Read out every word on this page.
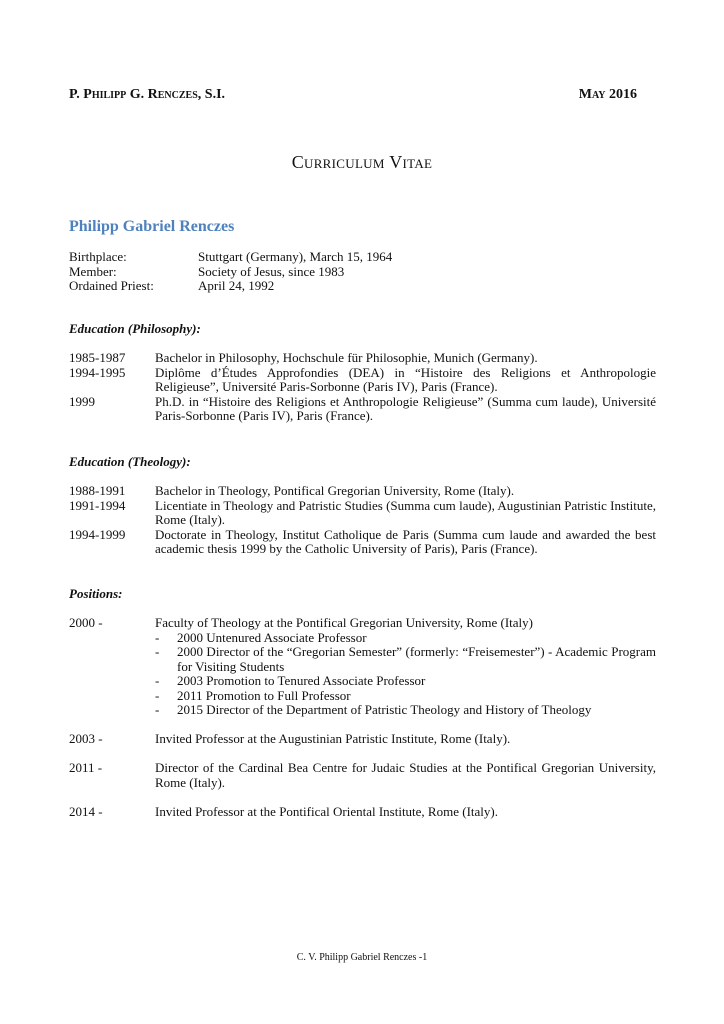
P. Philipp G. Renczes, S.I.	May 2016
Curriculum Vitae
Philipp Gabriel Renczes
Birthplace:	Stuttgart (Germany), March 15, 1964
Member:	Society of Jesus, since 1983
Ordained Priest:	April 24, 1992
Education (Philosophy):
1985-1987	Bachelor in Philosophy, Hochschule für Philosophie, Munich (Germany).
1994-1995	Diplôme d’Études Approfondies (DEA) in “Histoire des Religions et Anthropologie Religieuse”, Université Paris-Sorbonne (Paris IV), Paris (France).
1999	Ph.D. in “Histoire des Religions et Anthropologie Religieuse” (Summa cum laude), Université Paris-Sorbonne (Paris IV), Paris (France).
Education (Theology):
1988-1991	Bachelor in Theology, Pontifical Gregorian University, Rome (Italy).
1991-1994	Licentiate in Theology and Patristic Studies (Summa cum laude), Augustinian Patristic Institute, Rome (Italy).
1994-1999	Doctorate in Theology, Institut Catholique de Paris (Summa cum laude and awarded the best academic thesis 1999 by the Catholic University of Paris), Paris (France).
Positions:
2000 -	Faculty of Theology at the Pontifical Gregorian University, Rome (Italy)
-	2000 Untenured Associate Professor
-	2000 Director of the “Gregorian Semester” (formerly: “Freisemester”) - Academic Program for Visiting Students
-	2003 Promotion to Tenured Associate Professor
-	2011 Promotion to Full Professor
-	2015 Director of the Department of Patristic Theology and History of Theology
2003 -	Invited Professor at the Augustinian Patristic Institute, Rome (Italy).
2011 -	Director of the Cardinal Bea Centre for Judaic Studies at the Pontifical Gregorian University, Rome (Italy).
2014 -	Invited Professor at the Pontifical Oriental Institute, Rome (Italy).
C. V. Philipp Gabriel Renczes -1
